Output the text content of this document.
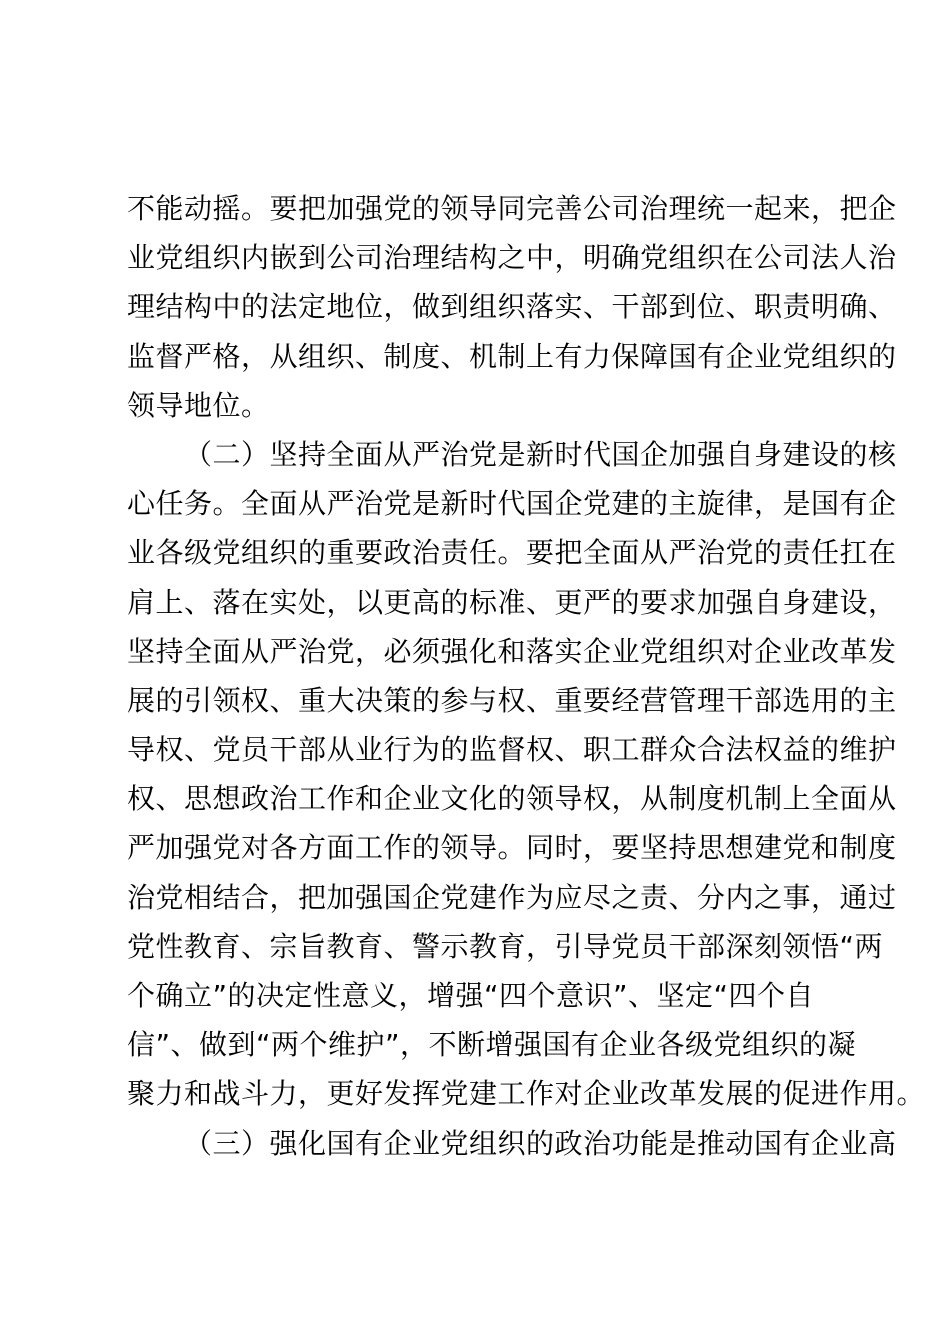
不能动摇。要把加强党的领导同完善公司治理统一起来，把企
业党组织内嵌到公司治理结构之中，明确党组织在公司法人治
理结构中的法定地位，做到组织落实、干部到位、职责明确、
监督严格，从组织、制度、机制上有力保障国有企业党组织的
领导地位。
（二）坚持全面从严治党是新时代国企加强自身建设的核
心任务。全面从严治党是新时代国企党建的主旋律，是国有企
业各级党组织的重要政治责任。要把全面从严治党的责任扛在
肩上、落在实处，以更高的标准、更严的要求加强自身建设，
坚持全面从严治党，必须强化和落实企业党组织对企业改革发
展的引领权、重大决策的参与权、重要经营管理干部选用的主
导权、党员干部从业行为的监督权、职工群众合法权益的维护
权、思想政治工作和企业文化的领导权，从制度机制上全面从
严加强党对各方面工作的领导。同时，要坚持思想建党和制度
治党相结合，把加强国企党建作为应尽之责、分内之事，通过
党性教育、宗旨教育、警示教育，引导党员干部深刻领悟“两
个确立”的决定性意义，增强“四个意识”、坚定“四个自
信”、做到“两个维护”，不断增强国有企业各级党组织的凝
聚力和战斗力，更好发挥党建工作对企业改革发展的促进作用。
（三）强化国有企业党组织的政治功能是推动国有企业高
